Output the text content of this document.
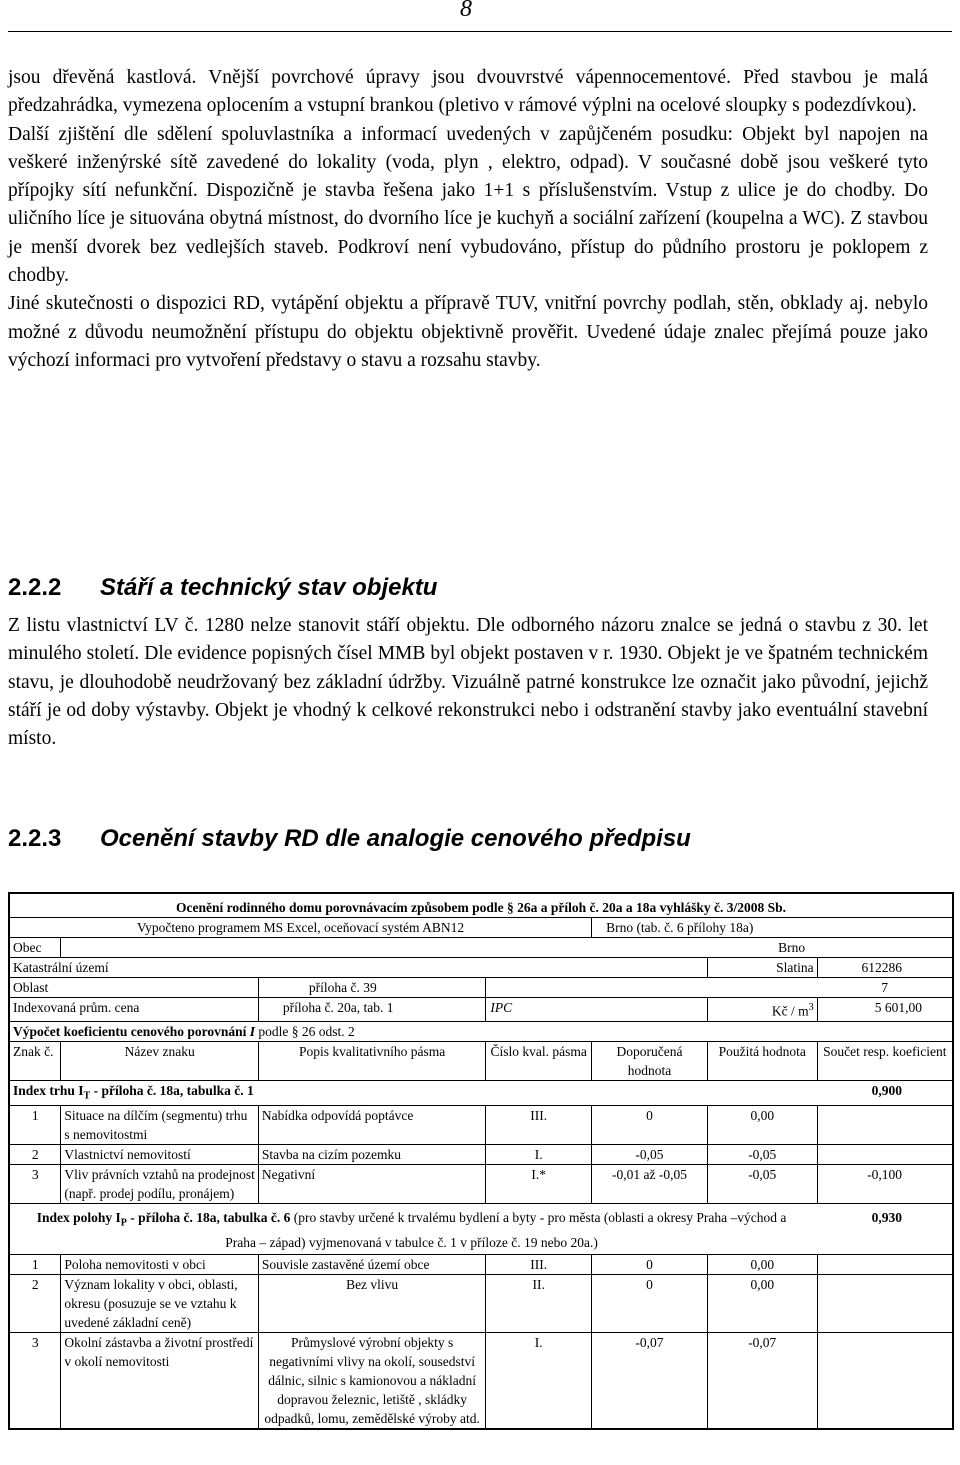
8

jsou dřevěná kastlová. Vnější povrchové úpravy jsou dvouvrstvé vápennocementové. Před stavbou je malá předzahrádka, vymezena oplocením a vstupní brankou (pletivo v rámové výplni na ocelové sloupky s podezdívkou).

Další zjištění dle sdělení spoluvlastníka a informací uvedených v zapůjčeném posudku: Objekt byl napojen na veškeré inženýrské sítě zavedené do lokality (voda, plyn , elektro, odpad). V současné době jsou veškeré tyto přípojky sítí nefunkční. Dispozičně je stavba řešena jako 1+1 s příslušenstvím. Vstup z ulice je do chodby. Do uličního líce je situována obytná místnost, do dvorního líce je kuchyň a sociální zařízení (koupelna a WC). Z stavbou je menší dvorek bez vedlejších staveb. Podkroví není vybudováno, přístup do půdního prostoru je poklopem z chodby.

Jiné skutečnosti o dispozici RD, vytápění objektu a přípravě TUV, vnitřní povrchy podlah, stěn, obklady aj. nebylo možné z důvodu neumožnění přístupu do objektu objektivně prověřit. Uvedené údaje znalec přejímá pouze jako výchozí informaci pro vytvoření představy o stavu a rozsahu stavby.

2.2.2 Stáří a technický stav objektu

Z listu vlastnictví LV č. 1280 nelze stanovit stáří objektu. Dle odborného názoru znalce se jedná o stavbu z 30. let minulého století. Dle evidence popisných čísel MMB byl objekt postaven v r. 1930. Objekt je ve špatném technickém stavu, je dlouhodobě neudržovaný bez základní údržby. Vizuálně patrné konstrukce lze označit jako původní, jejichž stáří je od doby výstavby. Objekt je vhodný k celkové rekonstrukci nebo i odstranění stavby jako eventuální stavební místo.

2.2.3 Ocenění stavby RD dle analogie cenového předpisu
Ocenění rodinného domu porovnávacím způsobem podle § 26a a příloh č. 20a a 18a vyhlášky č. 3/2008 Sb.						
Vypočteno programem MS Excel, oceňovací systém ABN12				Brno (tab. č. 6 přílohy 18a)		
Obec	Brno					
Katastrální území					Slatina	612286
Oblast		příloha č. 39	7			
Indexovaná prům. cena		příloha č. 20a, tab. 1	IPC		Kč / $m^3$	5 601,00
Výpočet koeficientu cenového porovnání I podle § 26 odst. 2						
Znak č.	Název znaku	Popis kvalitativního pásma	Číslo kval. pásma	Doporučená hodnota	Použitá hodnota	Součet resp. koeficient
Index trhu $I_T$ - příloha č. 18a, tabulka č. 1						0,900
1	Situace na dílčím (segmentu) trhu s nemovitostmi	Nabídka odpovídá poptávce	III.	0	0,00	
2	Vlastnictví nemovitostí	Stavba na cizím pozemku	I.	-0,05	-0,05	
3	Vliv právních vztahů na prodejnost (např. prodej podílu, pronájem)	Negativní	I.*	-0,01 až -0,05	-0,05	-0,100
Index polohy $I_P$ - příloha č. 18a, tabulka č. 6 (pro stavby určené k trvalému bydlení a byty - pro města (oblasti a okresy Praha –východ a Praha – západ) vyjmenovaná v tabulce č. 1 v příloze č. 19 nebo 20a.)						0,930
1	Poloha nemovitosti v obci	Souvisle zastavěné území obce	III.	0	0,00	
2	Význam lokality v obci, oblasti, okresu (posuzuje se ve vztahu k uvedené základní ceně)	Bez vlivu	II.	0	0,00	
3	Okolní zástavba a životní prostředí v okolí nemovitosti	Průmyslové výrobní objekty s negativními vlivy na okolí, sousedství dálnic, silnic s kamionovou a nákladní dopravou železnic, letiště , skládky odpadků, lomu, zemědělské výroby atd.	I.	-0,07	-0,07	
